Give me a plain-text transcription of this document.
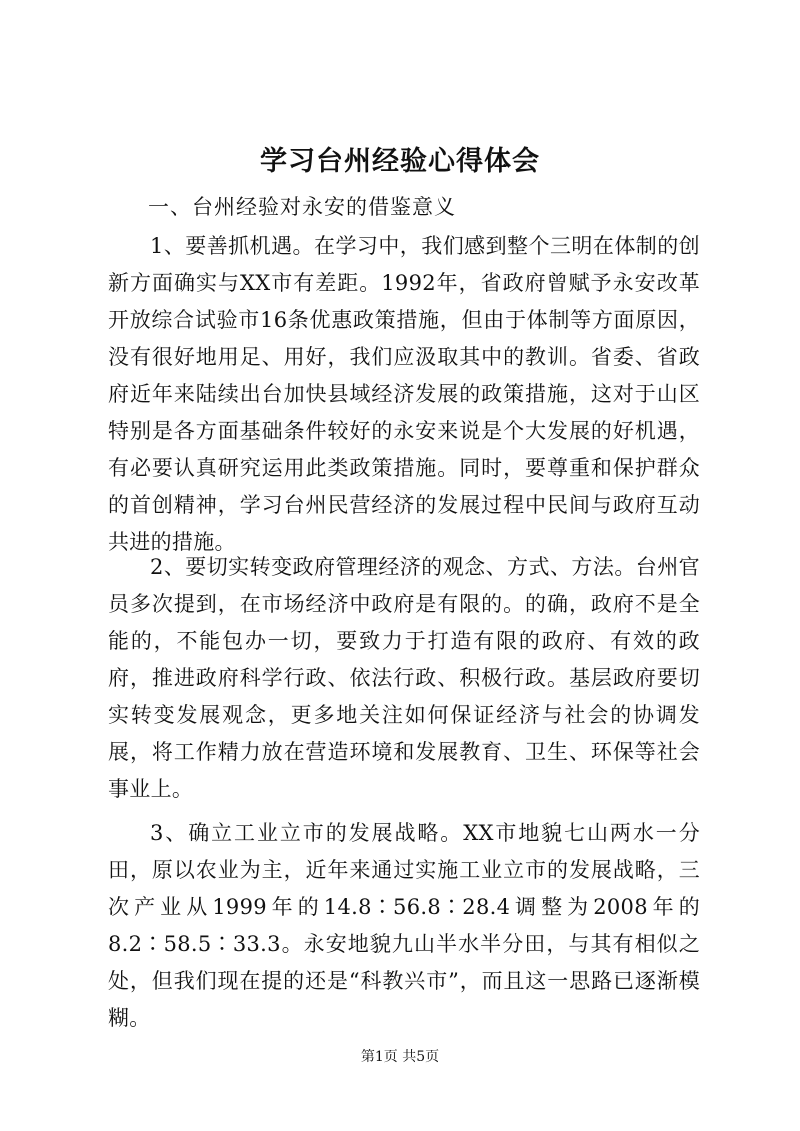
学习台州经验心得体会
一、台州经验对永安的借鉴意义

1、要善抓机遇。在学习中，我们感到整个三明在体制的创新方面确实与XX市有差距。1992年，省政府曾赋予永安改革开放综合试验市16条优惠政策措施，但由于体制等方面原因，没有很好地用足、用好，我们应汲取其中的教训。省委、省政府近年来陆续出台加快县域经济发展的政策措施，这对于山区特别是各方面基础条件较好的永安来说是个大发展的好机遇，有必要认真研究运用此类政策措施。同时，要尊重和保护群众的首创精神，学习台州民营经济的发展过程中民间与政府互动共进的措施。

2、要切实转变政府管理经济的观念、方式、方法。台州官员多次提到，在市场经济中政府是有限的。的确，政府不是全能的，不能包办一切，要致力于打造有限的政府、有效的政府，推进政府科学行政、依法行政、积极行政。基层政府要切实转变发展观念，更多地关注如何保证经济与社会的协调发展，将工作精力放在营造环境和发展教育、卫生、环保等社会事业上。

3、确立工业立市的发展战略。XX市地貌七山两水一分田，原以农业为主，近年来通过实施工业立市的发展战略，三次产业从1999年的14.8∶56.8∶28.4调整为2008年的8.2∶58.5∶33.3。永安地貌九山半水半分田，与其有相似之处，但我们现在提的还是“科教兴市”，而且这一思路已逐渐模糊。

第1页 共5页
